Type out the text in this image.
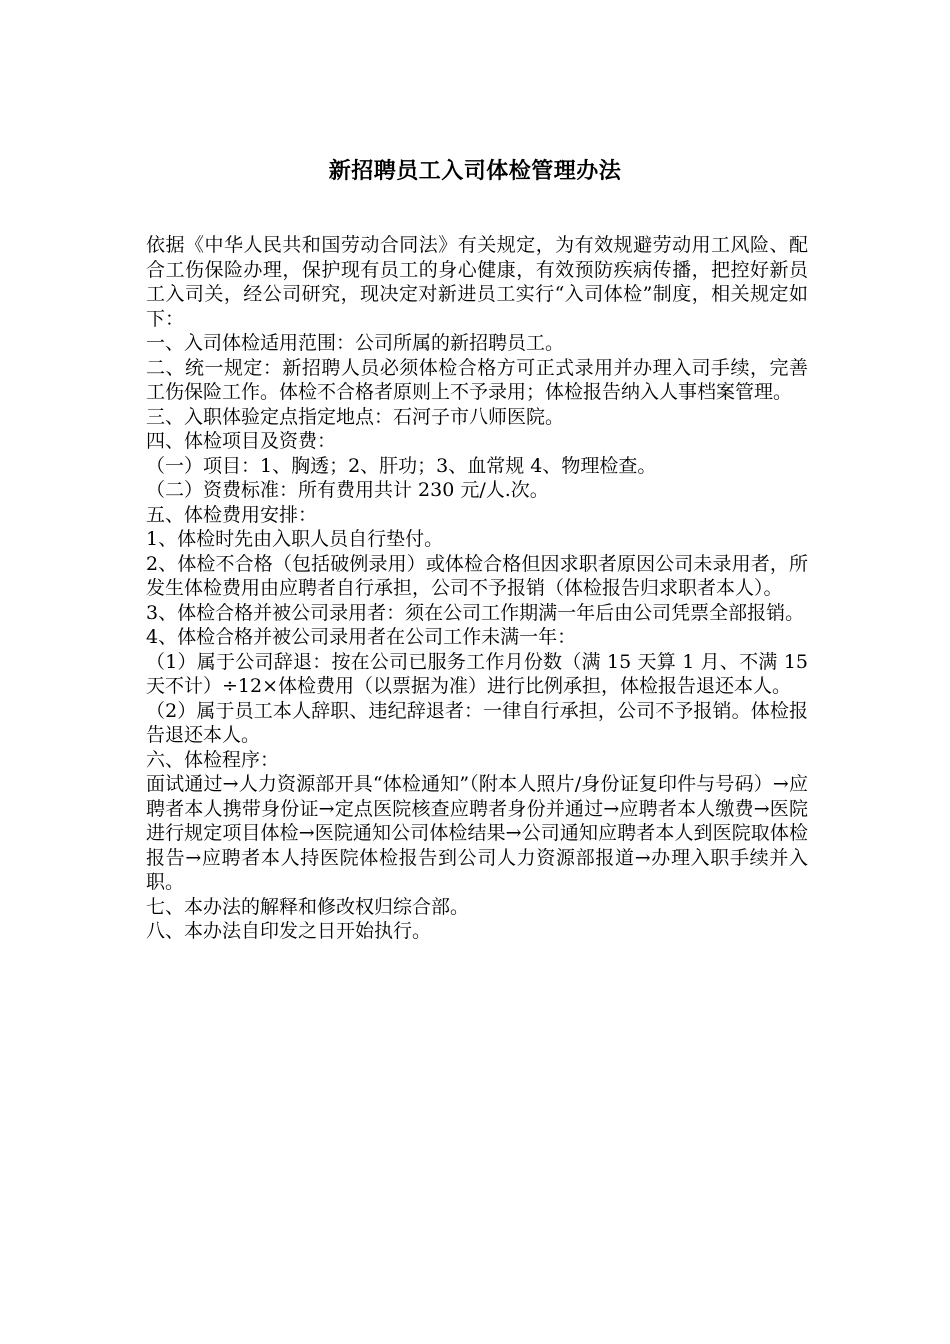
新招聘员工入司体检管理办法

依据《中华人民共和国劳动合同法》有关规定，为有效规避劳动用工风险、配合工伤保险办理，保护现有员工的身心健康，有效预防疾病传播，把控好新员工入司关，经公司研究，现决定对新进员工实行“入司体检”制度，相关规定如下：

一、入司体检适用范围：公司所属的新招聘员工。

二、统一规定：新招聘人员必须体检合格方可正式录用并办理入司手续，完善工伤保险工作。体检不合格者原则上不予录用；体检报告纳入人事档案管理。

三、入职体验定点指定地点：石河子市八师医院。

四、体检项目及资费：

（一）项目：1、胸透；2、肝功；3、血常规 4、物理检查。

（二）资费标准：所有费用共计 230 元/人.次。

五、体检费用安排：

1、体检时先由入职人员自行垫付。

2、体检不合格（包括破例录用）或体检合格但因求职者原因公司未录用者，所发生体检费用由应聘者自行承担，公司不予报销（体检报告归求职者本人）。

3、体检合格并被公司录用者：须在公司工作期满一年后由公司凭票全部报销。

4、体检合格并被公司录用者在公司工作未满一年：

（1）属于公司辞退：按在公司已服务工作月份数（满 15 天算 1 月、不满 15 天不计）÷12×体检费用（以票据为准）进行比例承担，体检报告退还本人。

（2）属于员工本人辞职、违纪辞退者：一律自行承担，公司不予报销。体检报告退还本人。

六、体检程序：

面试通过→人力资源部开具“体检通知”（附本人照片/身份证复印件与号码）→应聘者本人携带身份证→定点医院核查应聘者身份并通过→应聘者本人缴费→医院进行规定项目体检→医院通知公司体检结果→公司通知应聘者本人到医院取体检报告→应聘者本人持医院体检报告到公司人力资源部报道→办理入职手续并入职。

七、本办法的解释和修改权归综合部。

八、本办法自印发之日开始执行。
